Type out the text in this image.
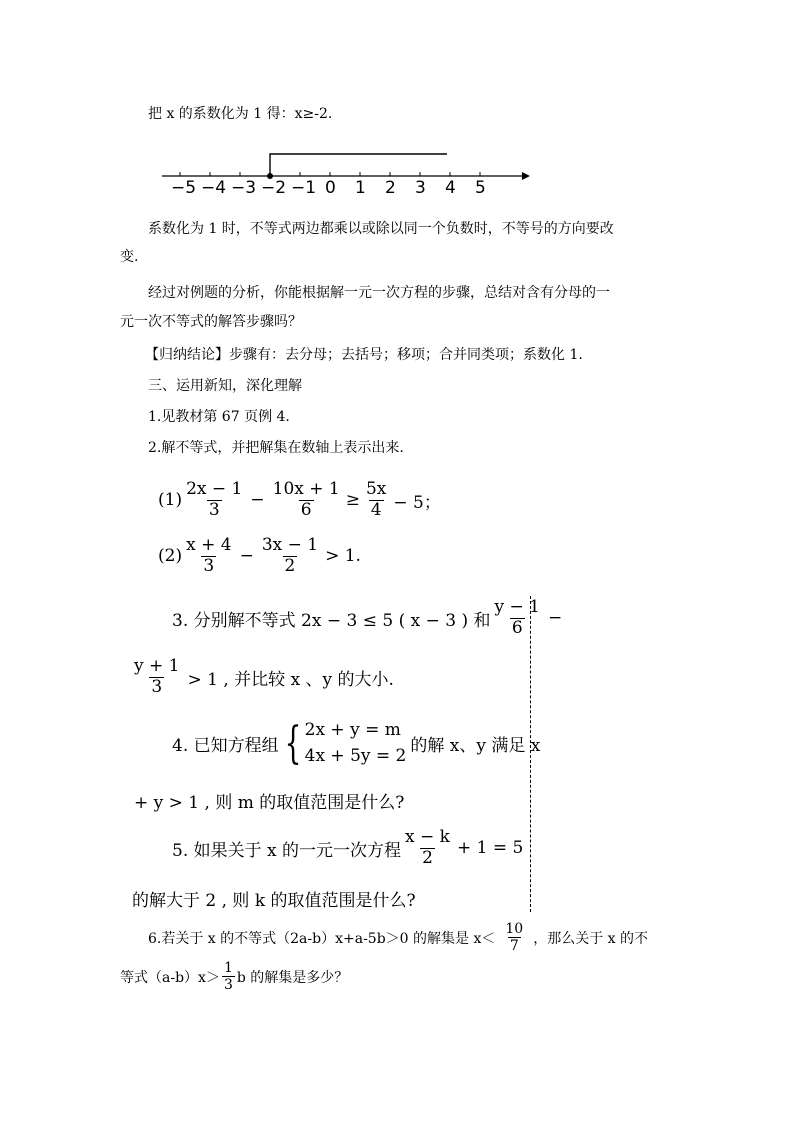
把 x 的系数化为 1 得：x≥-2.
−5 −4 −3 −2 −1 0 1 2 3 4 5
系数化为 1 时，不等式两边都乘以或除以同一个负数时，不等号的方向要改
变.
经过对例题的分析，你能根据解一元一次方程的步骤，总结对含有分母的一
元一次不等式的解答步骤吗？
【归纳结论】步骤有：去分母；去括号；移项；合并同类项；系数化 1.
三、运用新知，深化理解
1.见教材第 67 页例 4.
2.解不等式，并把解集在数轴上表示出来.
$(1) \frac{2x - 1}{3} - \frac{10x + 1}{6} \ge \frac{5x}{4} - 5$；
$(2) \frac{x + 4}{3} - \frac{3x - 1}{2} > 1$.
3. 分别解不等式 2x − 3 ≤ 5 ( x − 3 ) 和 $\frac{y - 1}{6}$ −
$\frac{y + 1}{3} > 1$ , 并比较 x 、y 的大小.
4. 已知方程组 { 2x + y = m
4x + 5y = 2 的解 x、y 满足 x
+ y > 1 , 则 m 的取值范围是什么?
5. 如果关于 x 的一元一次方程 $\frac{x - k}{2} + 1 = 5$
的解大于 2 , 则 k 的取值范围是什么?
6.若关于 x 的不等式（2a-b）x+a-5b＞0 的解集是 $x< \frac{10}{7}$ ，那么关于 x 的不
等式$(a-b)x> \frac{1}{3}$ b 的解集是多少？
